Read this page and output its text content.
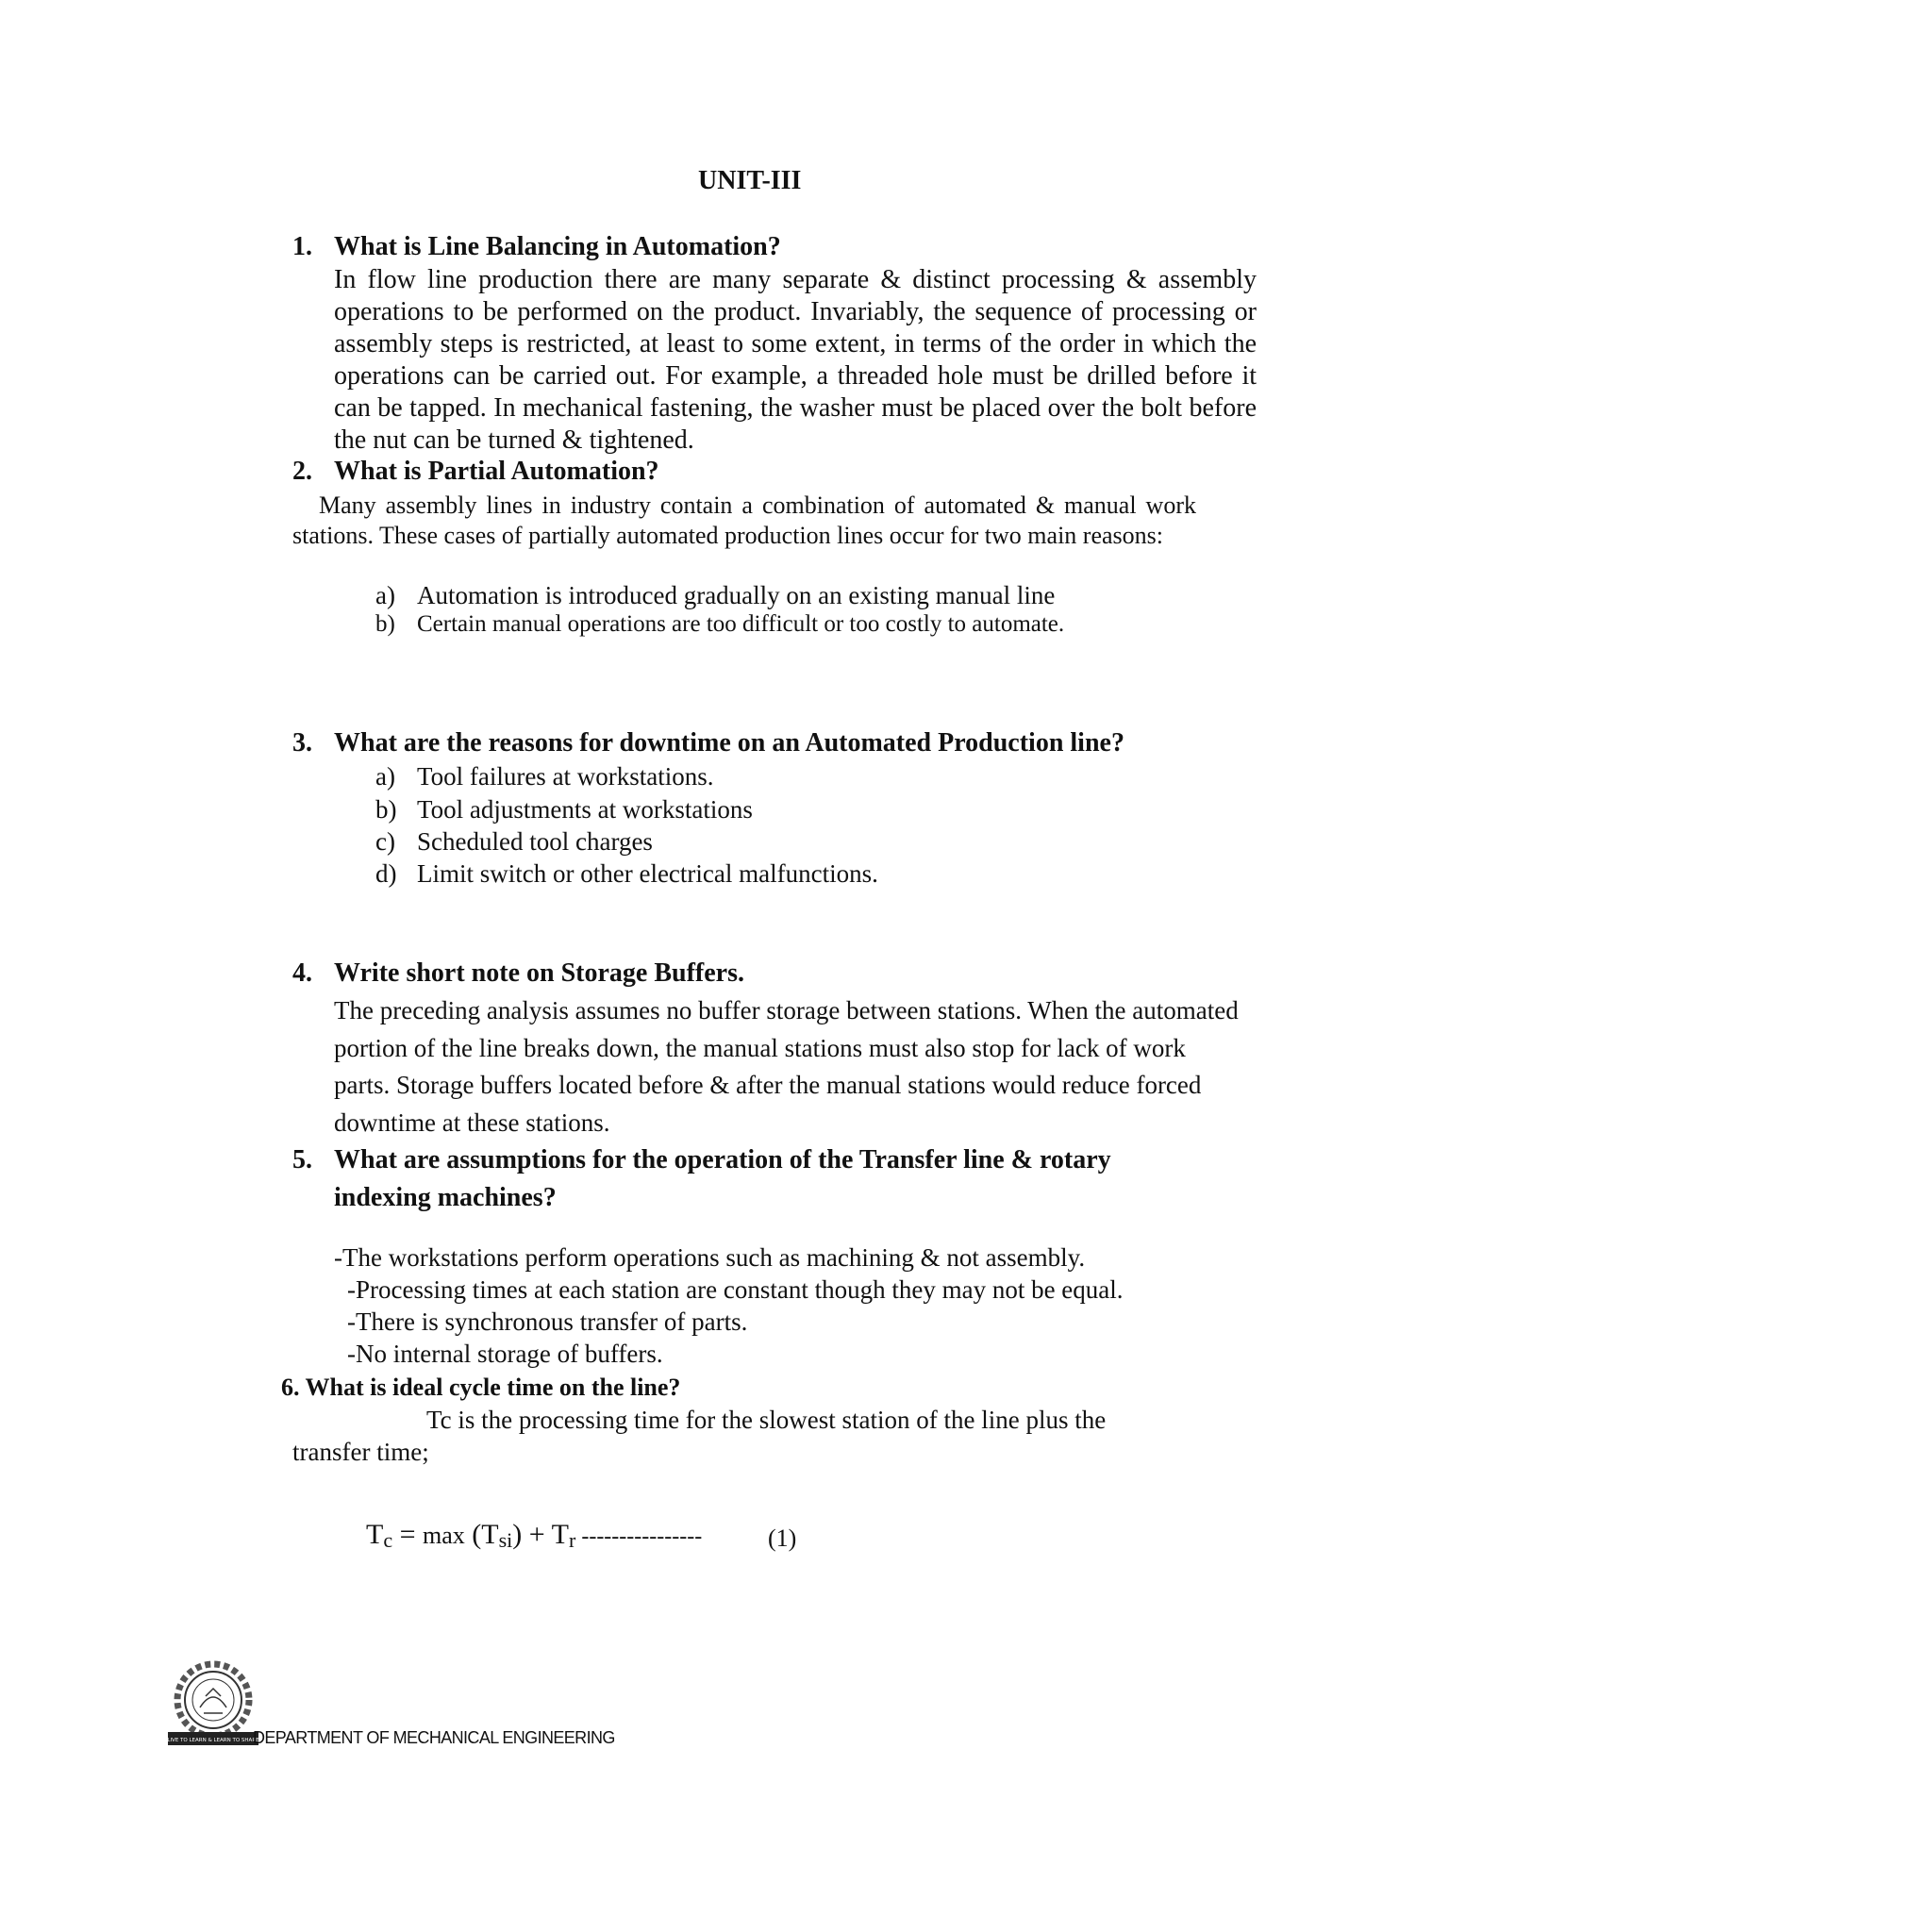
UNIT-III
1. What is Line Balancing in Automation?
In flow line production there are many separate & distinct processing & assembly operations to be performed on the product. Invariably, the sequence of processing or assembly steps is restricted, at least to some extent, in terms of the order in which the operations can be carried out. For example, a threaded hole must be drilled before it can be tapped. In mechanical fastening, the washer must be placed over the bolt before the nut can be turned & tightened.
2. What is Partial Automation?
Many assembly lines in industry contain a combination of automated & manual work stations. These cases of partially automated production lines occur for two main reasons:
a) Automation is introduced gradually on an existing manual line
b) Certain manual operations are too difficult or too costly to automate.
3. What are the reasons for downtime on an Automated Production line?
a) Tool failures at workstations.
b) Tool adjustments at workstations
c) Scheduled tool charges
d) Limit switch or other electrical malfunctions.
4. Write short note on Storage Buffers.
The preceding analysis assumes no buffer storage between stations. When the automated portion of the line breaks down, the manual stations must also stop for lack of work parts. Storage buffers located before & after the manual stations would reduce forced downtime at these stations.
5. What are assumptions for the operation of the Transfer line & rotary
indexing machines?
-The workstations perform operations such as machining & not assembly.
-Processing times at each station are constant though they may not be equal.
-There is synchronous transfer of parts.
-No internal storage of buffers.
6. What is ideal cycle time on the line?
Tc is the processing time for the slowest station of the line plus the
transfer time;
$T_c = \max (T_{si}) + T_r$ ----------------	(1)
LIVE TO LEARN & LEARN TO SHARE
DEPARTMENT OF MECHANICAL ENGINEERING
